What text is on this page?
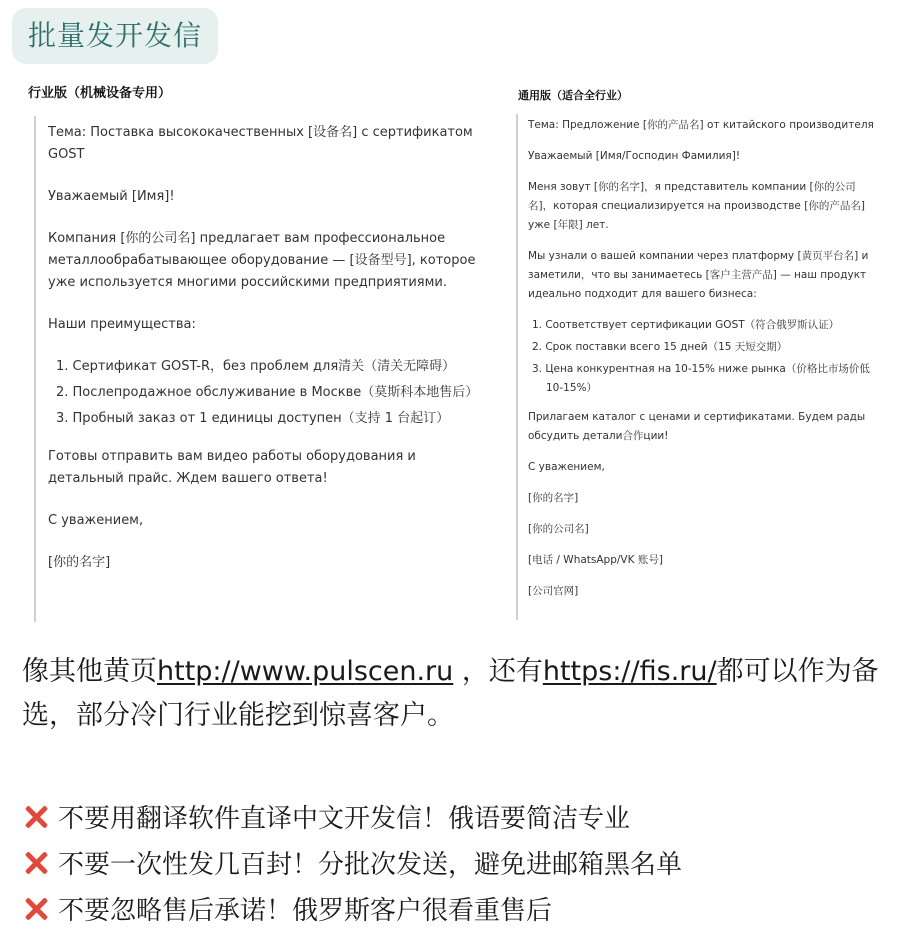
批量发开发信
行业版（机械设备专用）

Тема: Поставка высококачественных [设备名] с сертификатом GOST

Уважаемый [Имя]!

Компания [你的公司名] предлагает вам профессиональное металлообрабатывающее оборудование — [设备型号], которое уже используется многими российскими предприятиями.

Наши преимущества:

1. Сертификат GOST-R，без проблем для清关（清关无障碍）
2. Послепродажное обслуживание в Москве（莫斯科本地售后）
3. Пробный заказ от 1 единицы доступен（支持 1 台起订）

Готовы отправить вам видео работы оборудования и детальный прайс. Ждем вашего ответа!

С уважением,

[你的名字]

通用版（适合全行业）

Тема: Предложение [你的产品名] от китайского производителя

Уважаемый [Имя/Господин Фамилия]!

Меня зовут [你的名字]，я представитель компании [你的公司名]，которая специализируется на производстве [你的产品名] уже [年限] лет.

Мы узнали о вашей компании через платформу [黄页平台名] и заметили，что вы занимаетесь [客户主营产品] — наш продукт идеально подходит для вашего бизнеса:

1. Соответствует сертификации GOST（符合俄罗斯认证）
2. Срок поставки всего 15 дней（15 天短交期）
3. Цена конкурентная на 10-15% ниже рынка（价格比市场价低 10-15%）

Прилагаем каталог с ценами и сертификатами. Будем рады обсудить детали合作ции!

С уважением,

[你的名字]

[你的公司名]

[电话 / WhatsApp/VK 账号]

[公司官网]

像其他黄页http://www.pulscen.ru ，还有https://fis.ru/都可以作为备选，部分冷门行业能挖到惊喜客户。
不要用翻译软件直译中文开发信！俄语要简洁专业
不要一次性发几百封！分批次发送，避免进邮箱黑名单
不要忽略售后承诺！俄罗斯客户很看重售后
